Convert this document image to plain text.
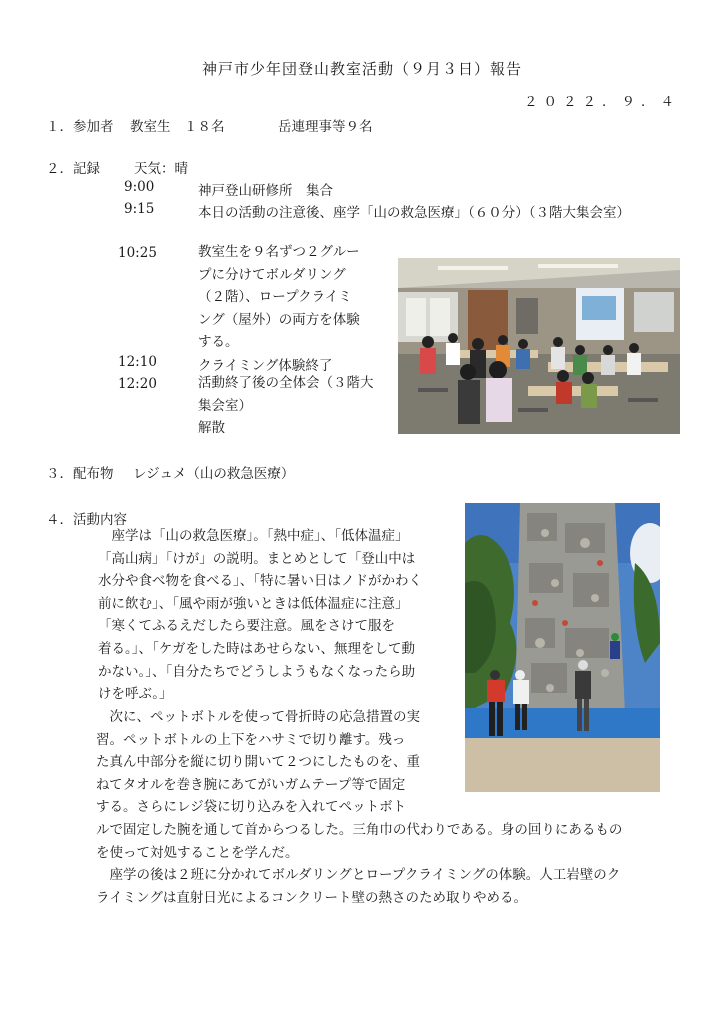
神戸市少年団登山教室活動（９月３日）報告
２０２２．９．４
１． 参加者 教室生　１８名	岳連理事等９名
２． 記録	天気：晴
9:00	神戸登山研修所　集合
9:15	本日の活動の注意後、座学「山の救急医療」（６０分）（３階大集会室）
10:25	教室生を９名ずつ２グルー
プに分けてボルダリング
（２階）、ロープクライミ
ング（屋外）の両方を体験
する。
12:10	クライミング体験終了
12:20	活動終了後の全体会（３階大
集会室）
解散
３． 配布物 レジュメ（山の救急医療）
４． 活動内容
　座学は「山の救急医療」。「熱中症」、「低体温症」
「高山病」「けが」の説明。まとめとして「登山中は
水分や食べ物を食べる」、「特に暑い日はノドがかわく
前に飲む」、「風や雨が強いときは低体温症に注意」
「寒くてふるえだしたら要注意。風をさけて服を
着る。」、「ケガをした時はあせらない、無理をして動
かない。」、「自分たちでどうしようもなくなったら助
けを呼ぶ。」
　次に、ペットボトルを使って骨折時の応急措置の実
習。ペットボトルの上下をハサミで切り離す。残っ
た真ん中部分を縦に切り開いて２つにしたものを、重
ねてタオルを巻き腕にあてがいガムテープ等で固定
する。さらにレジ袋に切り込みを入れてペットボト
ルで固定した腕を通して首からつるした。三角巾の代わりである。身の回りにあるもの
を使って対処することを学んだ。
　座学の後は２班に分かれてボルダリングとロープクライミングの体験。人工岩壁のク
ライミングは直射日光によるコンクリート壁の熱さのため取りやめる。
